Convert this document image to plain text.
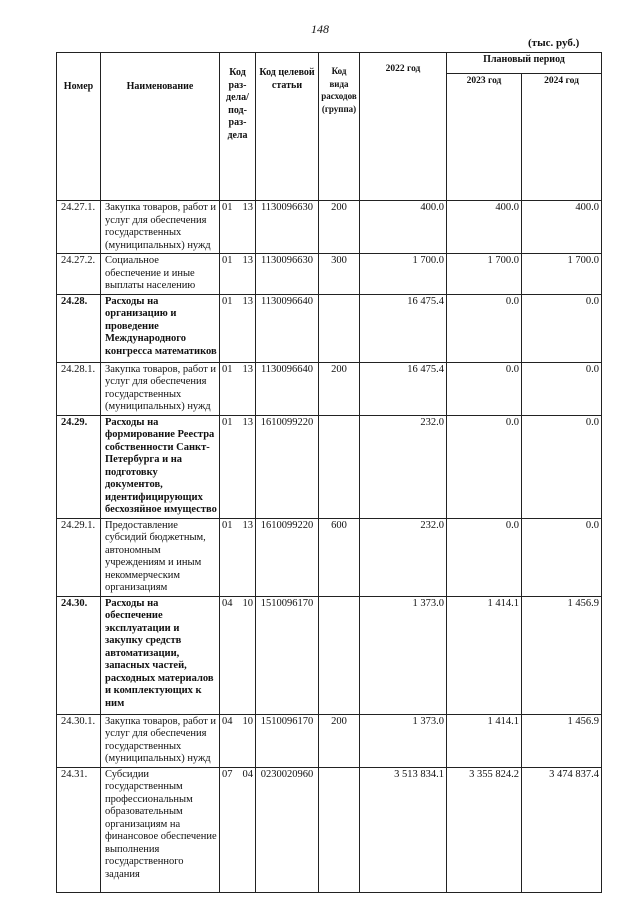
148
(тыс. руб.)
Номер	Наименование	Код раз-дела/ под-раз-дела	Код целевой статьи	Код вида расходов (группа)	2022 год	Плановый период	
						2023 год	2024 год
24.27.1.	Закупка товаров, работ и услуг для обеспечения государственных (муниципальных) нужд	01 13	1130096630	200	400.0	400.0	400.0
24.27.2.	Социальное обеспечение и иные выплаты населению	01 13	1130096630	300	1 700.0	1 700.0	1 700.0
24.28.	Расходы на организацию и проведение Международного конгресса математиков	01 13	1130096640		16 475.4	0.0	0.0
24.28.1.	Закупка товаров, работ и услуг для обеспечения государственных (муниципальных) нужд	01 13	1130096640	200	16 475.4	0.0	0.0
24.29.	Расходы на формирование Реестра собственности Санкт-Петербурга и на подготовку документов, идентифицирующих бесхозяйное имущество	01 13	1610099220		232.0	0.0	0.0
24.29.1.	Предоставление субсидий бюджетным, автономным учреждениям и иным некоммерческим организациям	01 13	1610099220	600	232.0	0.0	0.0
24.30.	Расходы на обеспечение эксплуатации и закупку средств автоматизации, запасных частей, расходных материалов и комплектующих к ним	04 10	1510096170		1 373.0	1 414.1	1 456.9
24.30.1.	Закупка товаров, работ и услуг для обеспечения государственных (муниципальных) нужд	04 10	1510096170	200	1 373.0	1 414.1	1 456.9
24.31.	Субсидии государственным профессиональным образовательным организациям на финансовое обеспечение выполнения государственного задания	07 04	0230020960		3 513 834.1	3 355 824.2	3 474 837.4
